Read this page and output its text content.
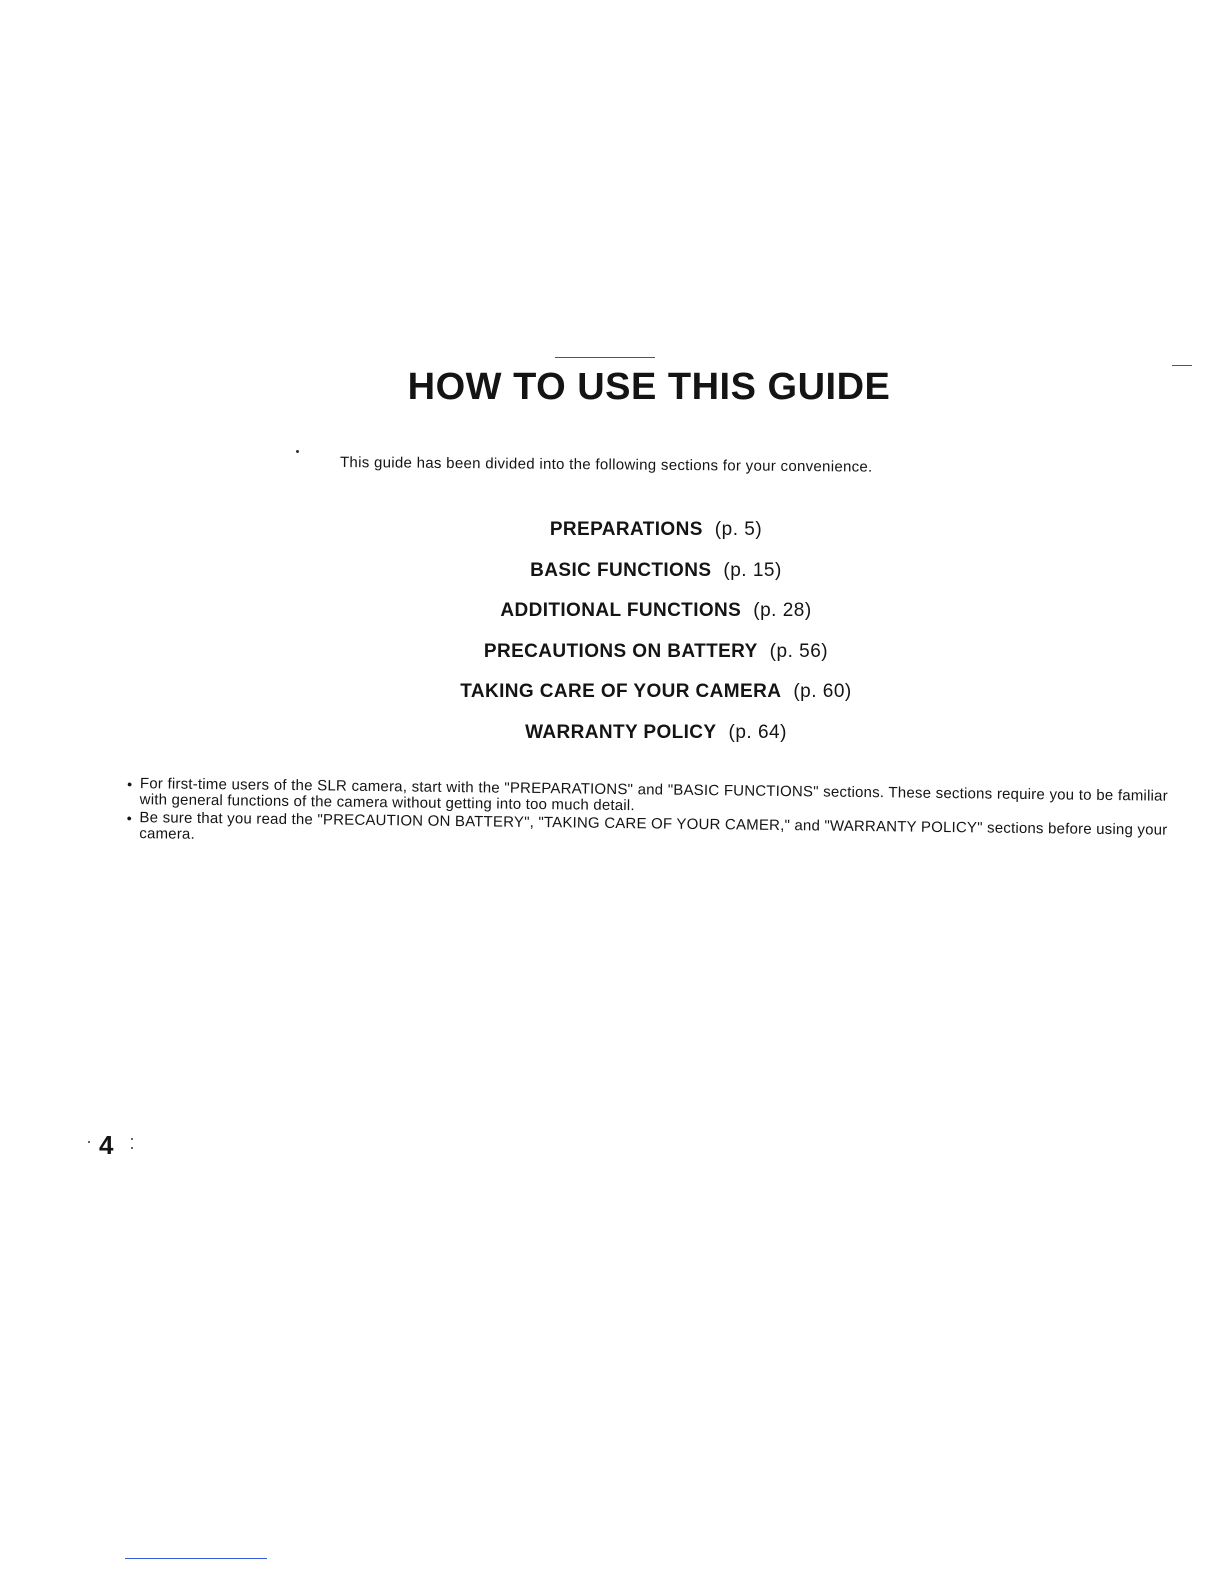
HOW TO USE THIS GUIDE

This guide has been divided into the following sections for your convenience.

PREPARATIONS (p. 5)
BASIC FUNCTIONS (p. 15)
ADDITIONAL FUNCTIONS (p. 28)
PRECAUTIONS ON BATTERY (p. 56)
TAKING CARE OF YOUR CAMERA (p. 60)
WARRANTY POLICY (p. 64)
● For first-time users of the SLR camera, start with the "PREPARATIONS" and "BASIC FUNCTIONS" sections. These sections require you to be familiar with general functions of the camera without getting into too much detail.
● Be sure that you read the "PRECAUTION ON BATTERY", "TAKING CARE OF YOUR CAMER," and "WARRANTY POLICY" sections before using your camera.

4
